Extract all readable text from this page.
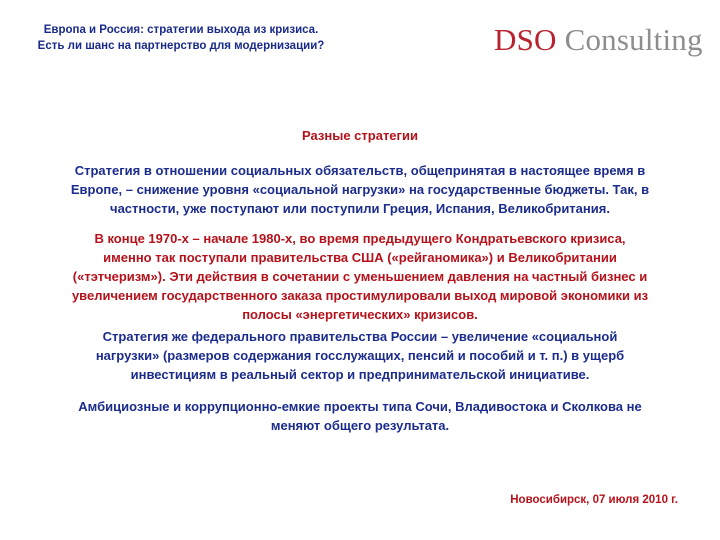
Европа и Россия: стратегии выхода из кризиса.
Есть ли шанс на партнерство для модернизации?	DSO Consulting
Разные стратегии
Стратегия в отношении социальных обязательств, общепринятая в настоящее время в
Европе, – снижение уровня «социальной нагрузки» на государственные бюджеты. Так, в
частности, уже поступают или поступили Греция, Испания, Великобритания.
В конце 1970-х – начале 1980-х, во время предыдущего Кондратьевского кризиса,
именно так поступали правительства США («рейганомика») и Великобритании
(«тэтчеризм»). Эти действия в сочетании с уменьшением давления на частный бизнес и
увеличением государственного заказа простимулировали выход мировой экономики из
полосы «энергетических» кризисов.
Стратегия же федерального правительства России – увеличение «социальной
нагрузки» (размеров содержания госслужащих, пенсий и пособий и т. п.) в ущерб
инвестициям в реальный сектор и предпринимательской инициативе.
Амбициозные и коррупционно-емкие проекты типа Сочи, Владивостока и Сколкова не
меняют общего результата.
Новосибирск, 07 июля 2010 г.
